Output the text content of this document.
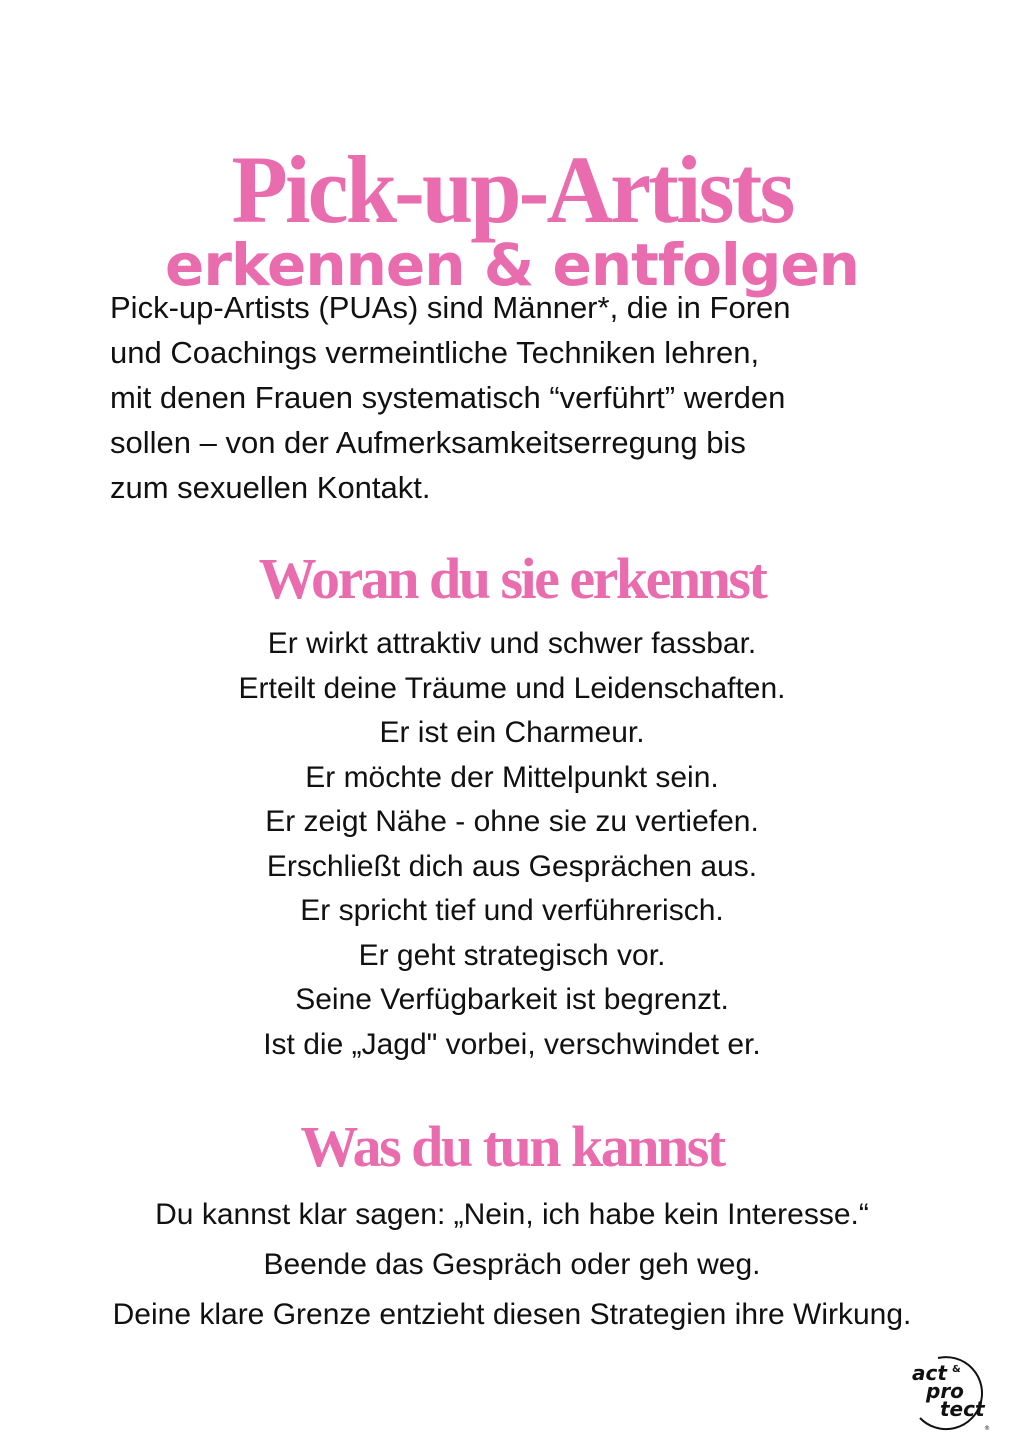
Pick-up-Artists
erkennen & entfolgen

Pick-up-Artists (PUAs) sind Männer*, die in Foren
und Coachings vermeintliche Techniken lehren,
mit denen Frauen systematisch “verführt” werden
sollen – von der Aufmerksamkeitserregung bis
zum sexuellen Kontakt.

Woran du sie erkennst
Er wirkt attraktiv und schwer fassbar.
Erteilt deine Träume und Leidenschaften.
Er ist ein Charmeur.
Er möchte der Mittelpunkt sein.
Er zeigt Nähe - ohne sie zu vertiefen.
Erschließt dich aus Gesprächen aus.
Er spricht tief und verführerisch.
Er geht strategisch vor.
Seine Verfügbarkeit ist begrenzt.
Ist die „Jagd" vorbei, verschwindet er.
Was du tun kannst
Du kannst klar sagen: „Nein, ich habe kein Interesse.“
Beende das Gespräch oder geh weg.
Deine klare Grenze entzieht diesen Strategien ihre Wirkung.
act &
pro
tect
®
